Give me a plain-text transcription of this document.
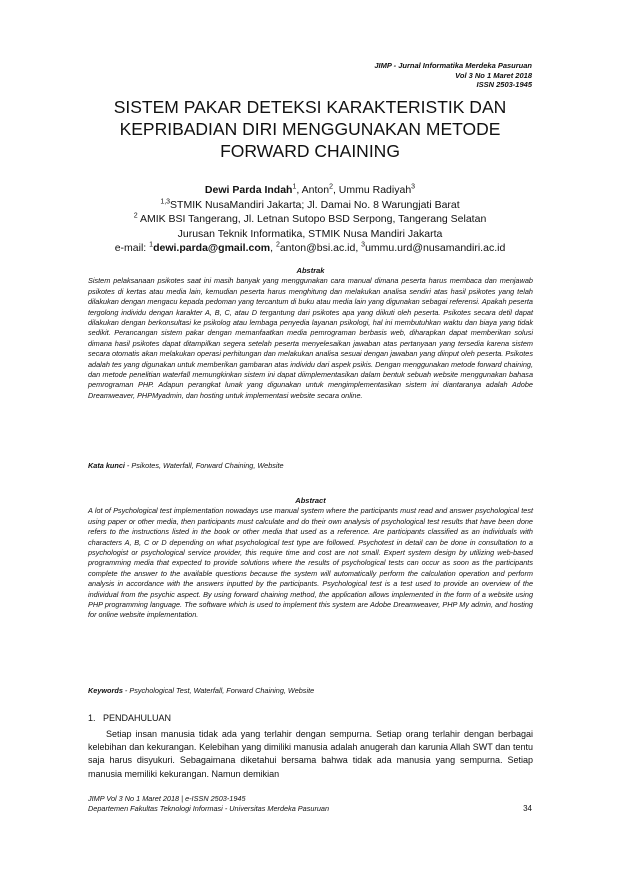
JIMP - Jurnal Informatika Merdeka Pasuruan
Vol 3 No 1 Maret 2018
ISSN 2503-1945
SISTEM PAKAR DETEKSI KARAKTERISTIK DAN
KEPRIBADIAN DIRI MENGGUNAKAN METODE
FORWARD CHAINING
Dewi Parda Indah$^1$, Anton$^2$, Ummu Radiyah$^3$
$^{1,3}$STMIK NusaMandiri Jakarta; Jl. Damai No. 8 Warungjati Barat
$^2$ AMIK BSI Tangerang, Jl. Letnan Sutopo BSD Serpong, Tangerang Selatan
Jurusan Teknik Informatika, STMIK Nusa Mandiri Jakarta
e-mail: $^1$dewi.parda@gmail.com, $^2$anton@bsi.ac.id, $^3$ummu.urd@nusamandiri.ac.id

Abstrak

Sistem pelaksanaan psikotes saat ini masih banyak yang menggunakan cara manual dimana peserta harus membaca dan menjawab psikotes di kertas atau media lain, kemudian peserta harus menghitung dan melakukan analisa sendiri atas hasil psikotes yang telah dilakukan dengan mengacu kepada pedoman yang tercantum di buku atau media lain yang digunakan sebagai referensi. Apakah peserta tergolong individu dengan karakter A, B, C, atau D tergantung dari psikotes apa yang diikuti oleh peserta. Psikotes secara detil dapat dilakukan dengan berkonsultasi ke psikolog atau lembaga penyedia layanan psikologi, hal ini membutuhkan waktu dan biaya yang tidak sedikit. Perancangan sistem pakar dengan memanfaatkan media pemrograman berbasis web, diharapkan dapat memberikan solusi dimana hasil psikotes dapat ditampilkan segera setelah peserta menyelesaikan jawaban atas pertanyaan yang tersedia karena sistem secara otomatis akan melakukan operasi perhitungan dan melakukan analisa sesuai dengan jawaban yang diinput oleh peserta. Psikotes adalah tes yang digunakan untuk memberikan gambaran atas individu dari aspek psikis. Dengan menggunakan metode forward chaining, dan metode penelitian waterfall memungkinkan sistem ini dapat diimplementasikan dalam bentuk sebuah website menggunakan bahasa pemrograman PHP. Adapun perangkat lunak yang digunakan untuk mengimplementasikan sistem ini diantaranya adalah Adobe Dreamweaver, PHPMyadmin, dan hosting untuk implementasi website secara online.

Kata kunci - Psikotes, Waterfall, Forward Chaining, Website

Abstract

A lot of Psychological test implementation nowadays use manual system where the participants must read and answer psychological test using paper or other media, then participants must calculate and do their own analysis of psychological test results that have been done refers to the instructions listed in the book or other media that used as a reference. Are participants classified as an individuals with characters A, B, C or D depending on what psychological test type are followed. Psychotest in detail can be done in consultation to a psychologist or psychological service provider, this require time and cost are not small. Expert system design by utilizing web-based programming media that expected to provide solutions where the results of psychological tests can occur as soon as the participants complete the answer to the available questions because the system will automatically perform the calculation operation and perform analysis in accordance with the answers inputted by the participants. Psychological test is a test used to provide an overview of the individual from the psychic aspect. By using forward chaining method, the application allows implemented in the form of a website using PHP programming language. The software which is used to implement this system are Adobe Dreamweaver, PHP My admin, and hosting for online website implementation.

Keywords - Psychological Test, Waterfall, Forward Chaining, Website
1.   PENDAHULUAN

Setiap insan manusia tidak ada yang terlahir dengan sempurna. Setiap orang terlahir dengan berbagai kelebihan dan kekurangan. Kelebihan yang dimiliki manusia adalah anugerah dan karunia Allah SWT dan tentu saja harus disyukuri. Sebagaimana diketahui bersama bahwa tidak ada manusia yang sempurna. Setiap manusia memiliki kekurangan. Namun demikian

JIMP Vol 3 No 1 Maret 2018 | e-ISSN 2503-1945
Departemen Fakultas Teknologi Informasi - Universitas Merdeka Pasuruan	34
